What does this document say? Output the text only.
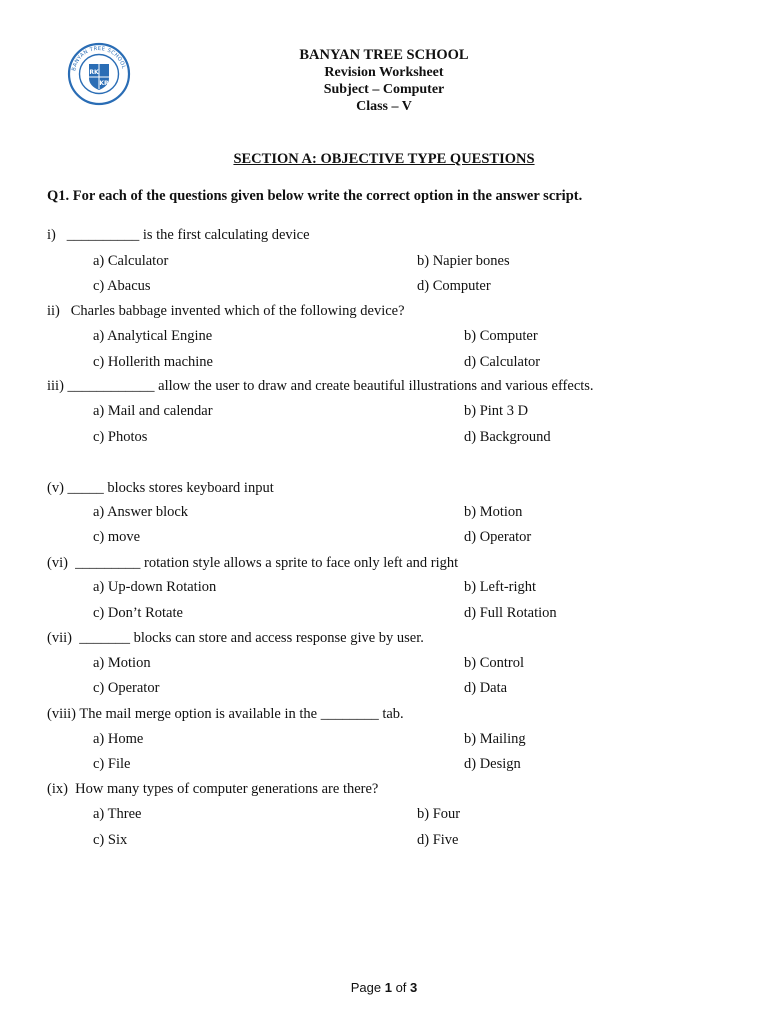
BANYAN TREE SCHOOL
RK
KR
BANYAN TREE SCHOOL
Revision Worksheet
Subject – Computer
Class – V
SECTION A: OBJECTIVE TYPE QUESTIONS
Q1. For each of the questions given below write the correct option in the answer script.
i)   __________ is the first calculating device
a) Calculator	b) Napier bones
c) Abacus	d) Computer
ii)   Charles babbage invented which of the following device?
a) Analytical Engine	b) Computer
c) Hollerith machine	d) Calculator
iii) ____________ allow the user to draw and create beautiful illustrations and various effects.
a) Mail and calendar	b) Pint 3 D
c) Photos	d) Background
(v) _____ blocks stores keyboard input
a) Answer block	b) Motion
c) move	d) Operator
(vi)  _________ rotation style allows a sprite to face only left and right
a) Up-down Rotation	b) Left-right
c) Don’t Rotate	d) Full Rotation
(vii)  _______ blocks can store and access response give by user.
a) Motion	b) Control
c) Operator	d) Data
(viii) The mail merge option is available in the ________ tab.
a) Home	b) Mailing
c) File	d) Design
(ix)  How many types of computer generations are there?
a) Three	b) Four
c) Six	d) Five
Page 1 of 3
